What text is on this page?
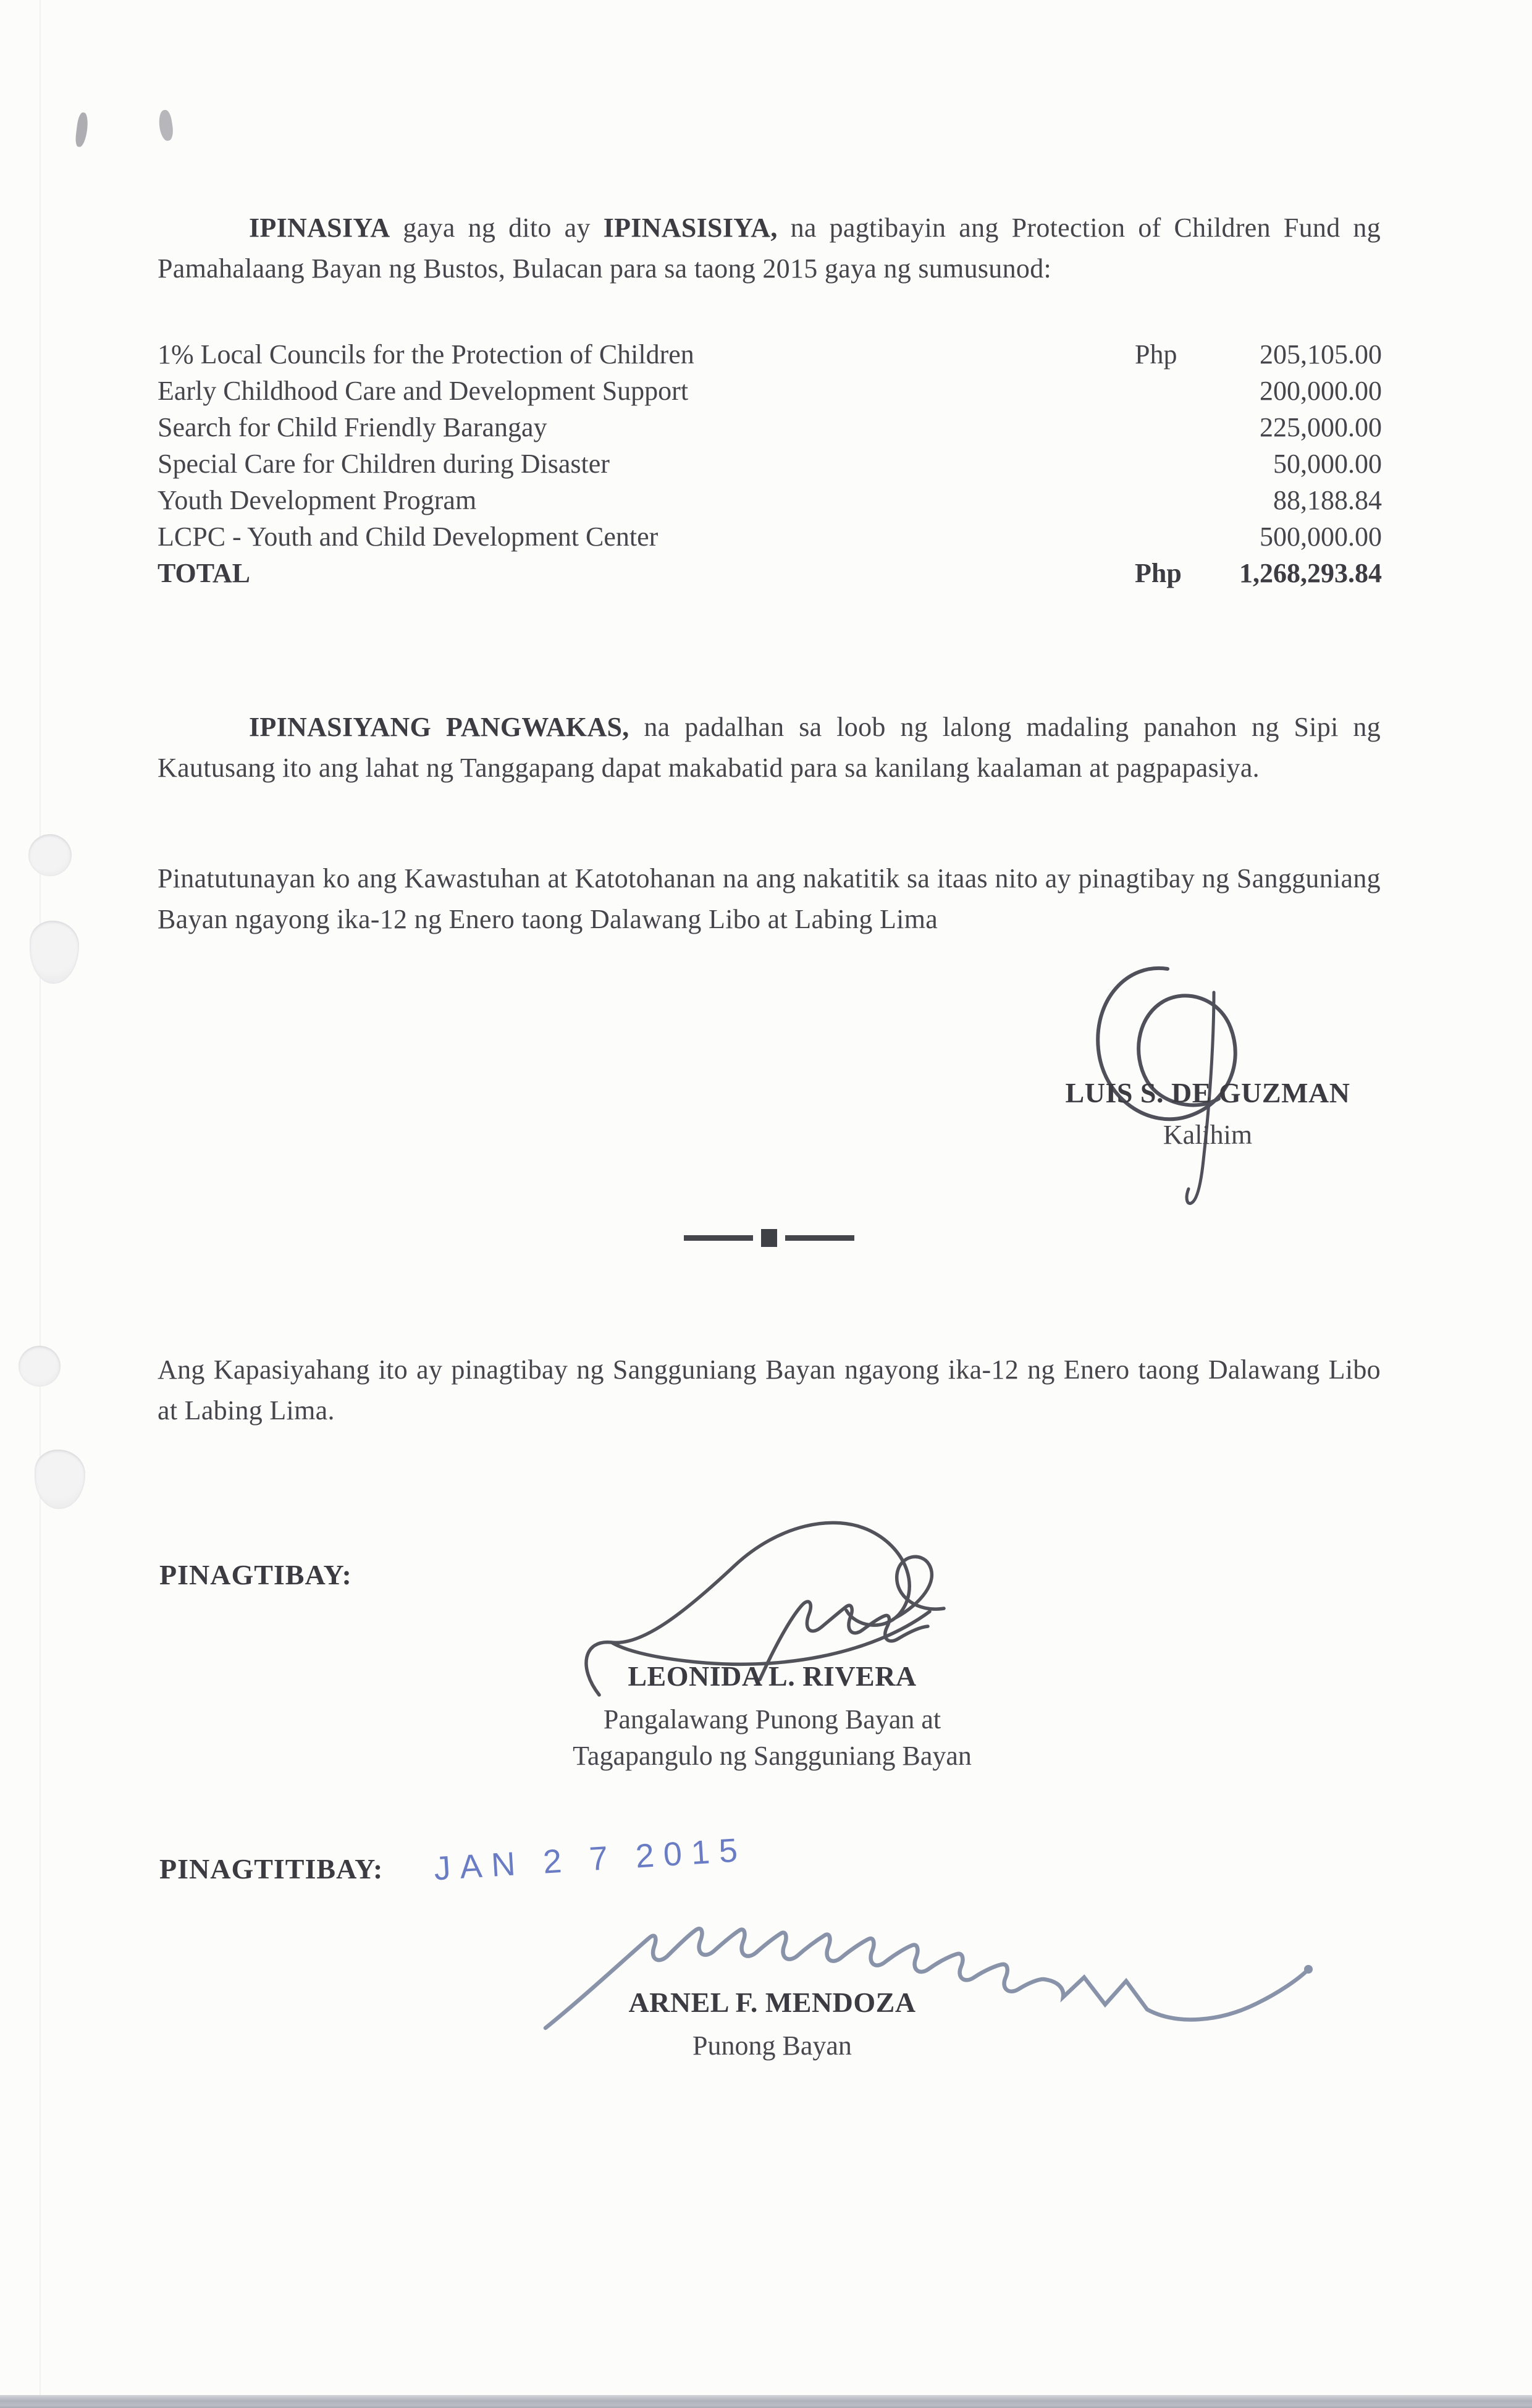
IPINASIYA gaya ng dito ay IPINASISIYA, na pagtibayin ang Protection of Children Fund ng Pamahalaang Bayan ng Bustos, Bulacan para sa taong 2015 gaya ng sumusunod:

1% Local Councils for the Protection of Children	Php	205,105.00
Early Childhood Care and Development Support	200,000.00
Search for Child Friendly Barangay	225,000.00
Special Care for Children during Disaster	50,000.00
Youth Development Program	88,188.84
LCPC - Youth and Child Development Center	500,000.00
TOTAL	Php	1,268,293.84

IPINASIYANG PANGWAKAS, na padalhan sa loob ng lalong madaling panahon ng Sipi ng Kautusang ito ang lahat ng Tanggapang dapat makabatid para sa kanilang kaalaman at pagpapasiya.

Pinatutunayan ko ang Kawastuhan at Katotohanan na ang nakatitik sa itaas nito ay pinagtibay ng Sangguniang Bayan ngayong ika-12 ng Enero taong Dalawang Libo at Labing Lima

LUIS S. DE GUZMAN
Kalihim

Ang Kapasiyahang ito ay pinagtibay ng Sangguniang Bayan ngayong ika-12 ng Enero taong Dalawang Libo at Labing Lima.

PINAGTIBAY:
LEONIDA L. RIVERA
Pangalawang Punong Bayan at
Tagapangulo ng Sangguniang Bayan
PINAGTITIBAY: JAN 2 7 2015
ARNEL F. MENDOZA
Punong Bayan
